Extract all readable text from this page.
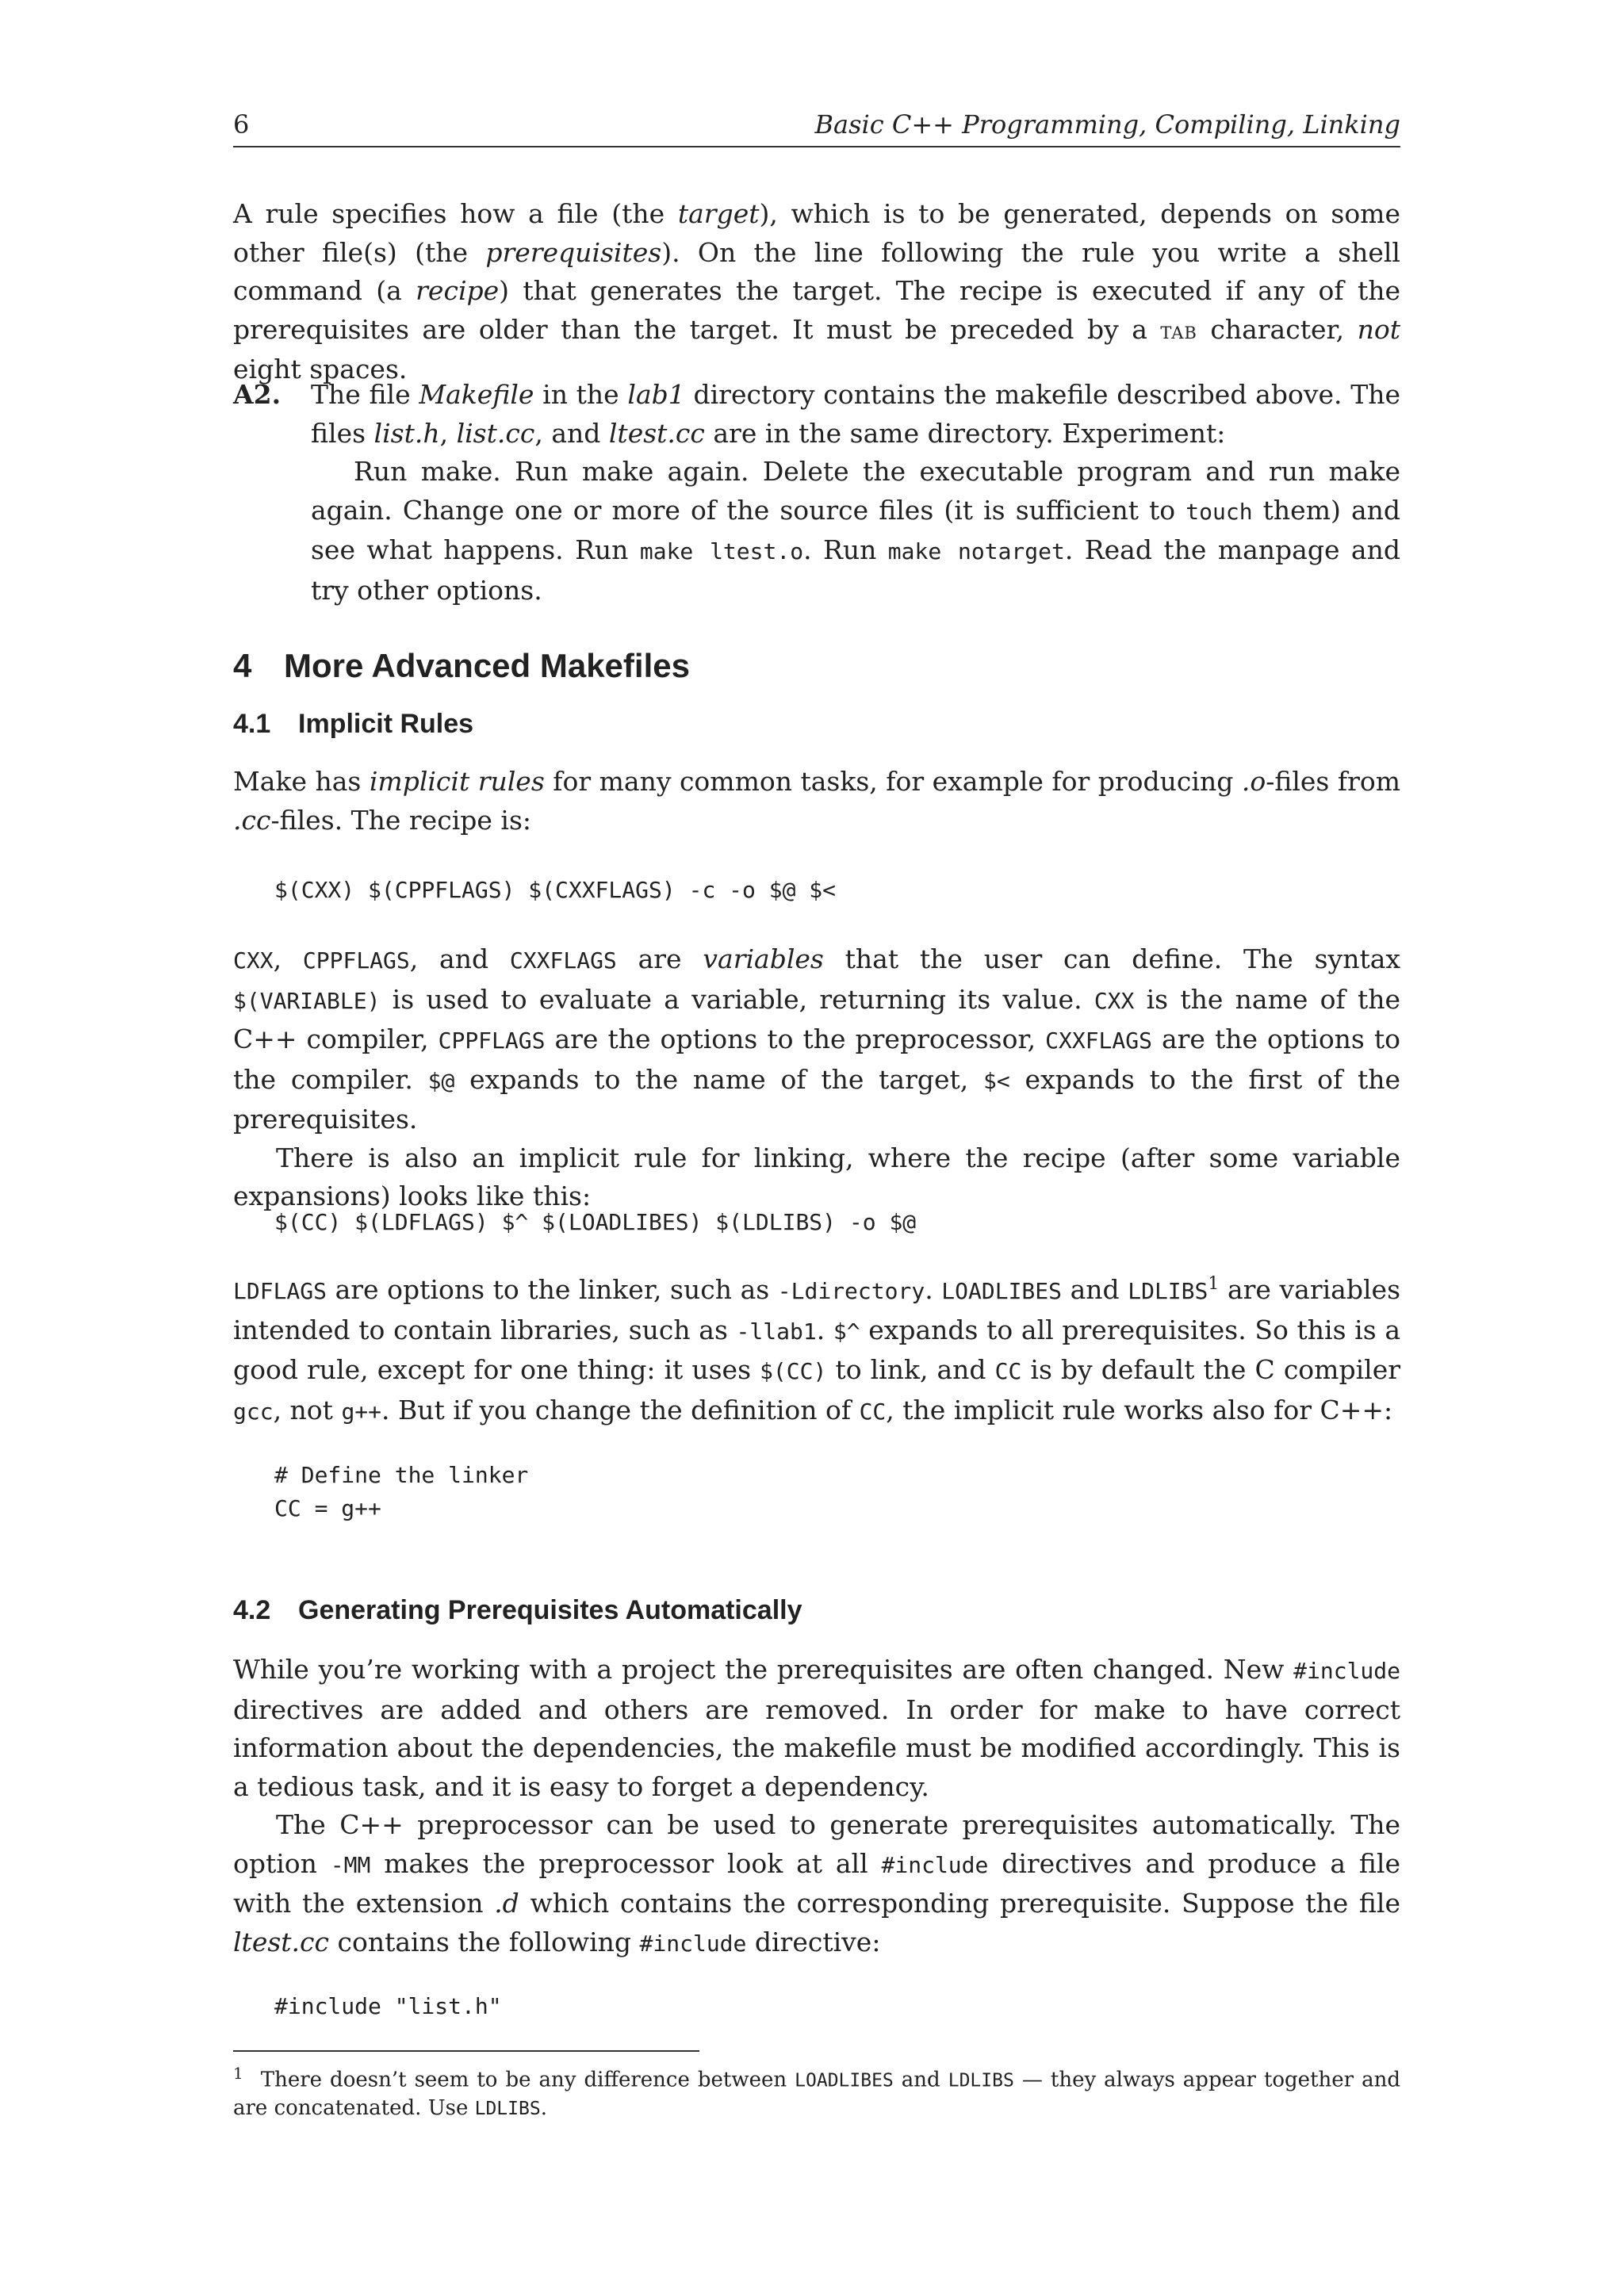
6	Basic C++ Programming, Compiling, Linking

A rule specifies how a file (the target), which is to be generated, depends on some other file(s) (the prerequisites). On the line following the rule you write a shell command (a recipe) that generates the target. The recipe is executed if any of the prerequisites are older than the target. It must be preceded by a tab character, not eight spaces.

A2. The file Makefile in the lab1 directory contains the makefile described above. The files list.h, list.cc, and ltest.cc are in the same directory. Experiment:
Run make. Run make again. Delete the executable program and run make again. Change one or more of the source files (it is sufficient to touch them) and see what happens. Run make ltest.o. Run make notarget. Read the manpage and try other options.

4 More Advanced Makefiles
4.1 Implicit Rules

Make has implicit rules for many common tasks, for example for producing .o-files from .cc-files. The recipe is:

$(CXX) $(CPPFLAGS) $(CXXFLAGS) -c -o $@ $<

CXX, CPPFLAGS, and CXXFLAGS are variables that the user can define. The syntax $(VARIABLE) is used to evaluate a variable, returning its value. CXX is the name of the C++ compiler, CPPFLAGS are the options to the preprocessor, CXXFLAGS are the options to the compiler. $@ expands to the name of the target, $< expands to the first of the prerequisites.
There is also an implicit rule for linking, where the recipe (after some variable expansions) looks like this:

$(CC) $(LDFLAGS) $^ $(LOADLIBES) $(LDLIBS) -o $@

LDFLAGS are options to the linker, such as -Ldirectory. LOADLIBES and LDLIBS$^1$ are variables intended to contain libraries, such as -llab1. $^ expands to all prerequisites. So this is a good rule, except for one thing: it uses $(CC) to link, and CC is by default the C compiler gcc, not g++. But if you change the definition of CC, the implicit rule works also for C++:

# Define the linker
CC = g++
4.2 Generating Prerequisites Automatically

While you’re working with a project the prerequisites are often changed. New #include directives are added and others are removed. In order for make to have correct information about the dependencies, the makefile must be modified accordingly. This is a tedious task, and it is easy to forget a dependency.
The C++ preprocessor can be used to generate prerequisites automatically. The option -MM makes the preprocessor look at all #include directives and produce a file with the extension .d which contains the corresponding prerequisite. Suppose the file ltest.cc contains the following #include directive:

#include "list.h"

$^1$ There doesn’t seem to be any difference between LOADLIBES and LDLIBS — they always appear together and are concatenated. Use LDLIBS.
